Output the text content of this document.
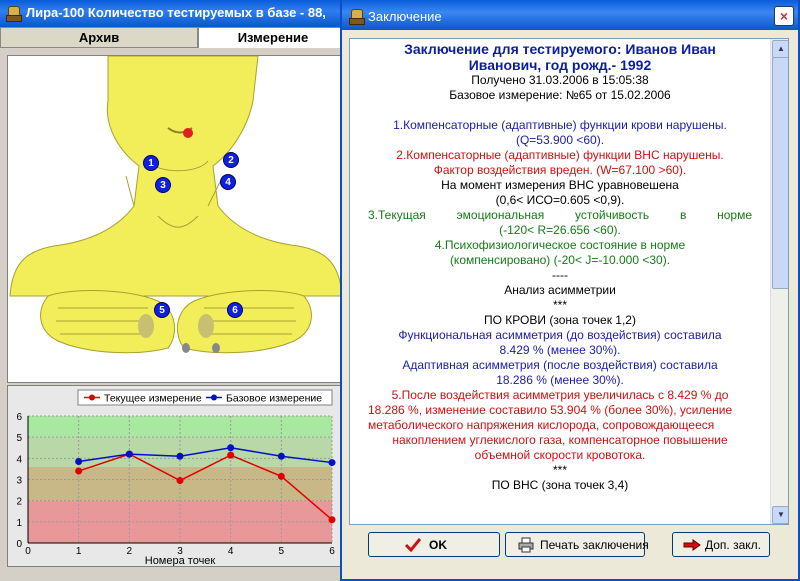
Лира-100 Количество тестируемых в базе - 88,
Архив	Измерение
1	2
3	4
5	6
0	1	2	3	4	5	6
0
1
2
3
4
5
6
Номера точек
Текущее измерение Базовое измерение
Заключение	×
Заключение для тестируемого: Иванов Иван
Иванович, год рожд.- 1992
Получено 31.03.2006 в 15:05:38
Базовое измерение: №65 от 15.02.2006

1.Компенсаторные (адаптивные) функции крови нарушены.
(Q=53.900 <60).
2.Компенсаторные (адаптивные) функции ВНС нарушены.
Фактор воздействия вреден. (W=67.100 >60).
На момент измерения ВНС уравновешена
(0,6< ИСО=0.605 <0,9).
3.Текущая эмоциональная устойчивость в норме
(-120< R=26.656 <60).
4.Психофизиологическое состояние в норме
(компенсировано) (-20< J=-10.000 <30).
----
Анализ асимметрии
***
ПО КРОВИ (зона точек 1,2)
Функциональная асимметрия (до воздействия) составила
8.429 % (менее 30%).
Адаптивная асимметрия (после воздействия) составила
18.286 % (менее 30%).
5.После воздействия асимметрия увеличилась с 8.429 % до
18.286 %, изменение составило 53.904 % (более 30%), усиление
метаболического напряжения кислорода, сопровождающееся
накоплением углекислого газа, компенсаторное повышение
объемной скорости кровотока.
***
ПО ВНС (зона точек 3,4)
▲
▼
OK	Печать заключения	Доп. закл.
